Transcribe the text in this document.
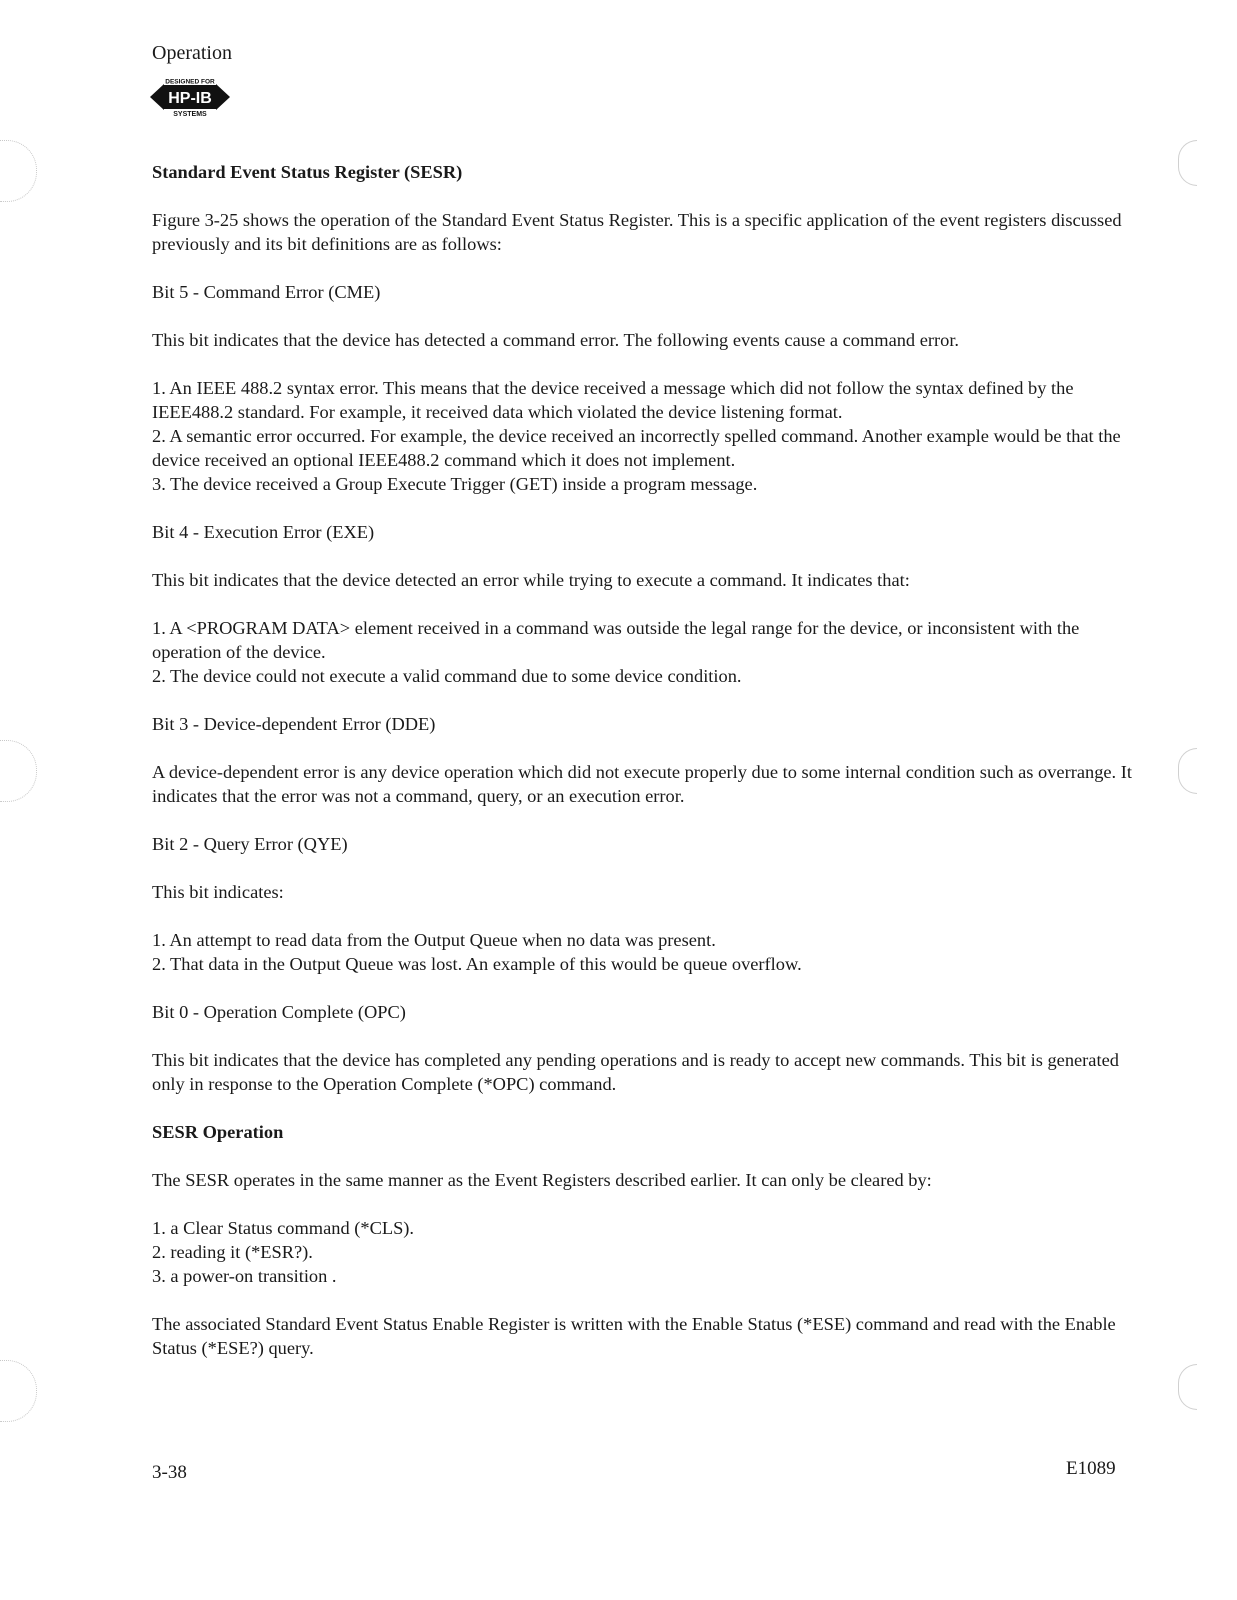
Operation
DESIGNED FOR
HP-IB
SYSTEMS

Standard Event Status Register (SESR)

Figure 3-25 shows the operation of the Standard Event Status Register. This is a specific application of the event registers discussed previously and its bit definitions are as follows:

Bit 5 - Command Error (CME)

This bit indicates that the device has detected a command error. The following events cause a command error.

1. An IEEE 488.2 syntax error. This means that the device received a message which did not follow the syntax defined by the IEEE488.2 standard. For example, it received data which violated the device listening format.

2. A semantic error occurred. For example, the device received an incorrectly spelled command. Another example would be that the device received an optional IEEE488.2 command which it does not implement.

3. The device received a Group Execute Trigger (GET) inside a program message.

Bit 4 - Execution Error (EXE)

This bit indicates that the device detected an error while trying to execute a command. It indicates that:

1. A <PROGRAM DATA> element received in a command was outside the legal range for the device, or inconsistent with the operation of the device.

2. The device could not execute a valid command due to some device condition.

Bit 3 - Device-dependent Error (DDE)

A device-dependent error is any device operation which did not execute properly due to some internal condition such as overrange. It indicates that the error was not a command, query, or an execution error.

Bit 2 - Query Error (QYE)

This bit indicates:

1. An attempt to read data from the Output Queue when no data was present.

2. That data in the Output Queue was lost. An example of this would be queue overflow.

Bit 0 - Operation Complete (OPC)

This bit indicates that the device has completed any pending operations and is ready to accept new commands. This bit is generated only in response to the Operation Complete (*OPC) command.

SESR Operation

The SESR operates in the same manner as the Event Registers described earlier. It can only be cleared by:

1. a Clear Status command (*CLS).

2. reading it (*ESR?).

3. a power-on transition .

The associated Standard Event Status Enable Register is written with the Enable Status (*ESE) command and read with the Enable Status (*ESE?) query.

3-38	E1089
